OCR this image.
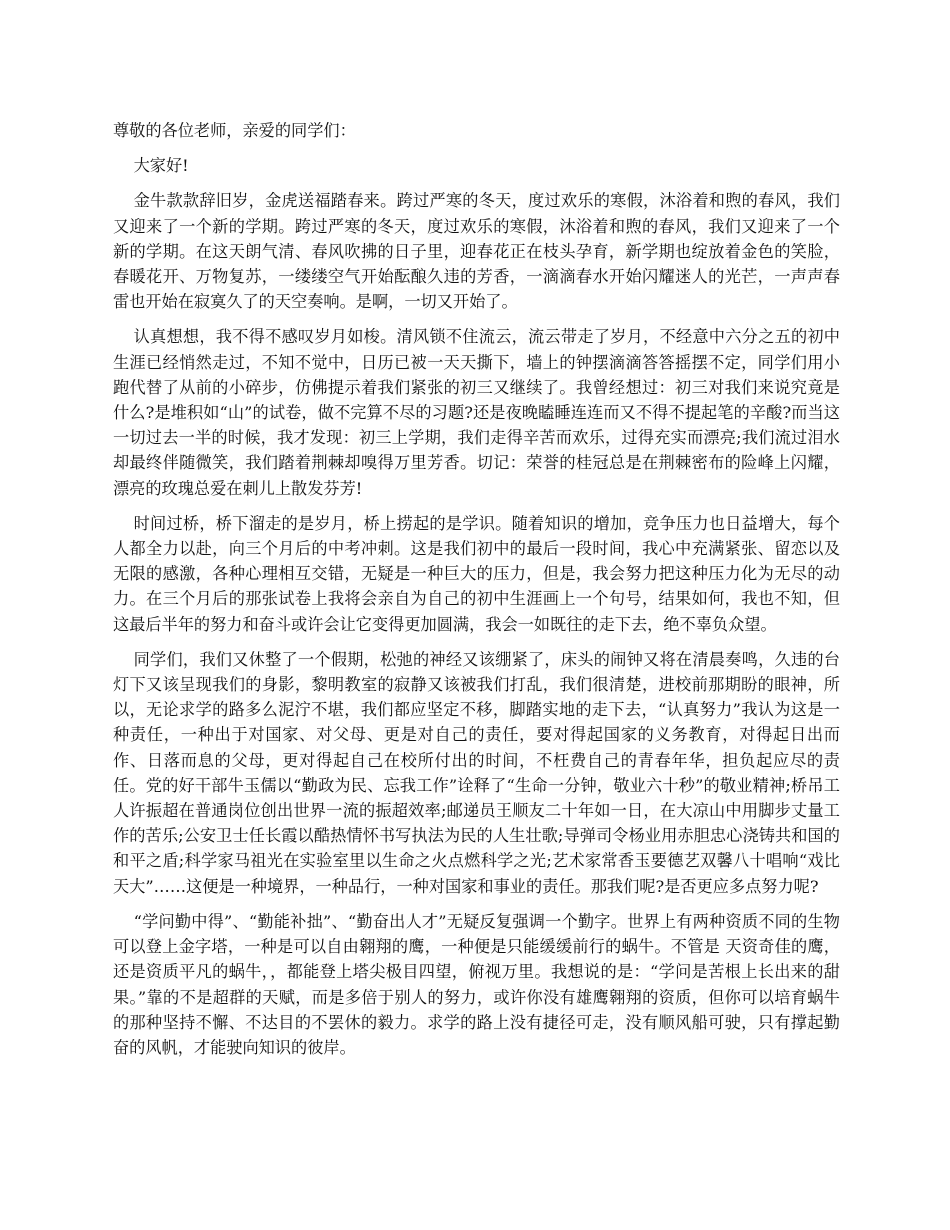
尊敬的各位老师，亲爱的同学们：

大家好!

金牛款款辞旧岁，金虎送福踏春来。跨过严寒的冬天，度过欢乐的寒假，沐浴着和煦的春风，我们又迎来了一个新的学期。跨过严寒的冬天，度过欢乐的寒假，沐浴着和煦的春风，我们又迎来了一个新的学期。在这天朗气清、春风吹拂的日子里，迎春花正在枝头孕育，新学期也绽放着金色的笑脸，春暖花开、万物复苏，一缕缕空气开始酝酿久违的芳香，一滴滴春水开始闪耀迷人的光芒，一声声春雷也开始在寂寞久了的天空奏响。是啊，一切又开始了。

认真想想，我不得不感叹岁月如梭。清风锁不住流云，流云带走了岁月，不经意中六分之五的初中生涯已经悄然走过，不知不觉中，日历已被一天天撕下，墙上的钟摆滴滴答答摇摆不定，同学们用小跑代替了从前的小碎步，仿佛提示着我们紧张的初三又继续了。我曾经想过：初三对我们来说究竟是什么?是堆积如“山”的试卷，做不完算不尽的习题?还是夜晚瞌睡连连而又不得不提起笔的辛酸?而当这一切过去一半的时候，我才发现：初三上学期，我们走得辛苦而欢乐，过得充实而漂亮;我们流过泪水却最终伴随微笑，我们踏着荆棘却嗅得万里芳香。切记：荣誉的桂冠总是在荆棘密布的险峰上闪耀，漂亮的玫瑰总爱在刺儿上散发芬芳!

时间过桥，桥下溜走的是岁月，桥上捞起的是学识。随着知识的增加，竞争压力也日益增大，每个人都全力以赴，向三个月后的中考冲刺。这是我们初中的最后一段时间，我心中充满紧张、留恋以及无限的感激，各种心理相互交错，无疑是一种巨大的压力，但是，我会努力把这种压力化为无尽的动力。在三个月后的那张试卷上我将会亲自为自己的初中生涯画上一个句号，结果如何，我也不知，但这最后半年的努力和奋斗或许会让它变得更加圆满，我会一如既往的走下去，绝不辜负众望。

同学们，我们又休整了一个假期，松弛的神经又该绷紧了，床头的闹钟又将在清晨奏鸣，久违的台灯下又该呈现我们的身影，黎明教室的寂静又该被我们打乱，我们很清楚，进校前那期盼的眼神，所以，无论求学的路多么泥泞不堪，我们都应坚定不移，脚踏实地的走下去，“认真努力”我认为这是一种责任，一种出于对国家、对父母、更是对自己的责任，要对得起国家的义务教育，对得起日出而作、日落而息的父母，更对得起自己在校所付出的时间，不枉费自己的青春年华，担负起应尽的责任。党的好干部牛玉儒以“勤政为民、忘我工作”诠释了“生命一分钟，敬业六十秒”的敬业精神;桥吊工人许振超在普通岗位创出世界一流的振超效率;邮递员王顺友二十年如一日，在大凉山中用脚步丈量工作的苦乐;公安卫士任长霞以酷热情怀书写执法为民的人生壮歌;导弹司令杨业用赤胆忠心浇铸共和国的和平之盾;科学家马祖光在实验室里以生命之火点燃科学之光;艺术家常香玉要德艺双馨八十唱响“戏比天大”……这便是一种境界，一种品行，一种对国家和事业的责任。那我们呢?是否更应多点努力呢?

“学问勤中得”、“勤能补拙”、“勤奋出人才”无疑反复强调一个勤字。世界上有两种资质不同的生物可以登上金字塔，一种是可以自由翱翔的鹰，一种便是只能缓缓前行的蜗牛。不管是 天资奇佳的鹰，还是资质平凡的蜗牛，，都能登上塔尖极目四望，俯视万里。我想说的是：“学问是苦根上长出来的甜果。”靠的不是超群的天赋，而是多倍于别人的努力，或许你没有雄鹰翱翔的资质，但你可以培育蜗牛的那种坚持不懈、不达目的不罢休的毅力。求学的路上没有捷径可走，没有顺风船可驶，只有撑起勤奋的风帆，才能驶向知识的彼岸。
